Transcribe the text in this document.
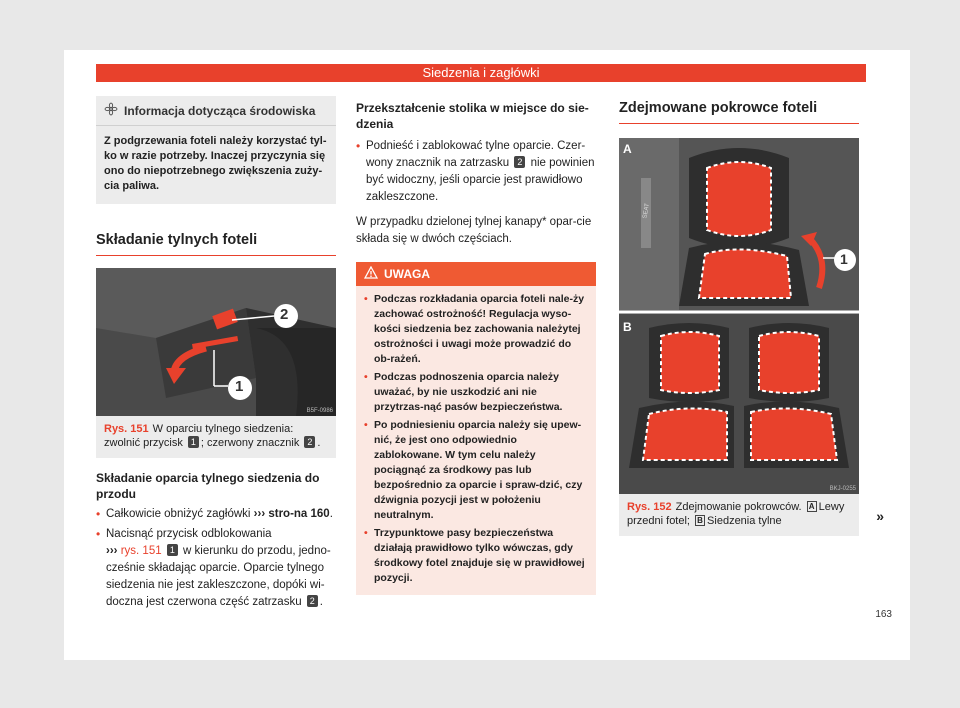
Siedzenia i zagłówki
Informacja dotycząca środowiska
Z podgrzewania foteli należy korzystać tyl-ko w razie potrzeby. Inaczej przyczynia się ono do niepotrzebnego zwiększenia zuży-cia paliwa.
Składanie tylnych foteli
2
1
B5F-0986
Rys. 151 W oparciu tylnego siedzenia: zwolnić przycisk 1 ; czerwony znacznik 2 .
Składanie oparcia tylnego siedzenia do przodu
• Całkowicie obniżyć zagłówki ››› stro-na 160.
• Nacisnąć przycisk odblokowania
››› rys. 151 1 w kierunku do przodu, jedno-cześnie składając oparcie. Oparcie tylnego siedzenia nie jest zakleszczone, dopóki wi-doczna jest czerwona część zatrzasku 2 .
Przekształcenie stolika w miejsce do sie-dzenia
• Podnieść i zablokować tylne oparcie. Czer-wony znacznik na zatrzasku 2 nie powinien być widoczny, jeśli oparcie jest prawidłowo zakleszczone.
W przypadku dzielonej tylnej kanapy* opar-cie składa się w dwóch częściach.
UWAGA
• Podczas rozkładania oparcia foteli nale-ży zachować ostrożność! Regulacja wyso-kości siedzenia bez zachowania należytej ostrożności i uwagi może prowadzić do ob-rażeń.
• Podczas podnoszenia oparcia należy uważać, by nie uszkodzić ani nie przytrzas-nąć pasów bezpieczeństwa.
• Po podniesieniu oparcia należy się upew-nić, że jest ono odpowiednio zablokowane. W tym celu należy pociągnąć za środkowy pas lub bezpośrednio za oparcie i spraw-dzić, czy dźwignia pozycji jest w położeniu neutralnym.
• Trzypunktowe pasy bezpieczeństwa działają prawidłowo tylko wówczas, gdy środkowy fotel znajduje się w prawidłowej pozycji.
Zdejmowane pokrowce foteli
A
B
1
SEAT
BKJ-0255
Rys. 152 Zdejmowanie pokrowców. A Lewy przedni fotel; B Siedzenia tylne	»
163
